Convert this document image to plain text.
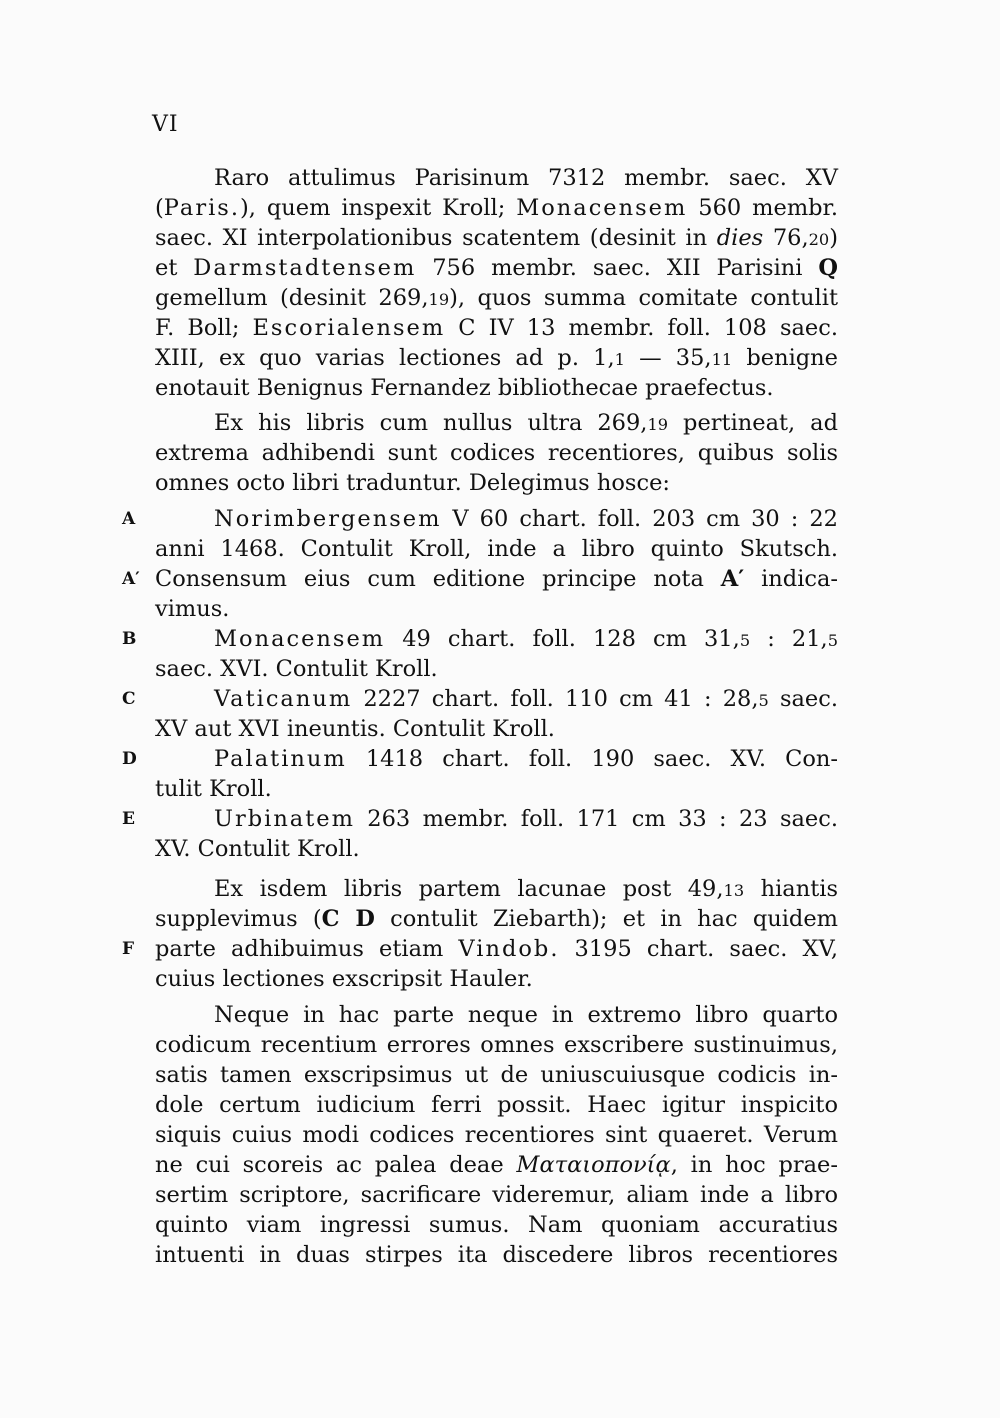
VI
Raro attulimus Parisinum 7312 membr. saec. XV
(Paris.), quem inspexit Kroll; Monacensem 560 membr.
saec. XI interpolationibus scatentem (desinit in dies 76,20)
et Darmstadtensem 756 membr. saec. XII Parisini Q
gemellum (desinit 269,19), quos summa comitate contulit
F. Boll; Escorialensem C IV 13 membr. foll. 108 saec.
XIII, ex quo varias lectiones ad p. 1,1 — 35,11 benigne
enotauit Benignus Fernandez bibliothecae praefectus.
Ex his libris cum nullus ultra 269,19 pertineat, ad
extrema adhibendi sunt codices recentiores, quibus solis
omnes octo libri traduntur. Delegimus hosce:
A	Norimbergensem V 60 chart. foll. 203 cm 30 : 22
anni 1468. Contulit Kroll, inde a libro quinto Skutsch.
A′ Consensum eius cum editione principe nota A′ indica-
vimus.
B	Monacensem 49 chart. foll. 128 cm 31,5 : 21,5
saec. XVI. Contulit Kroll.
C	Vaticanum 2227 chart. foll. 110 cm 41 : 28,5 saec.
XV aut XVI ineuntis. Contulit Kroll.
D	Palatinum 1418 chart. foll. 190 saec. XV. Con-
tulit Kroll.
E	Urbinatem 263 membr. foll. 171 cm 33 : 23 saec.
XV. Contulit Kroll.
Ex isdem libris partem lacunae post 49,13 hiantis
supplevimus (C D contulit Ziebarth); et in hac quidem
F parte adhibuimus etiam Vindob. 3195 chart. saec. XV,
cuius lectiones exscripsit Hauler.
Neque in hac parte neque in extremo libro quarto
codicum recentium errores omnes exscribere sustinuimus,
satis tamen exscripsimus ut de uniuscuiusque codicis in-
dole certum iudicium ferri possit. Haec igitur inspicito
siquis cuius modi codices recentiores sint quaeret. Verum
ne cui scoreis ac palea deae Ματαιοπονίᾳ, in hoc prae-
sertim scriptore, sacrificare videremur, aliam inde a libro
quinto viam ingressi sumus. Nam quoniam accuratius
intuenti in duas stirpes ita discedere libros recentiores
